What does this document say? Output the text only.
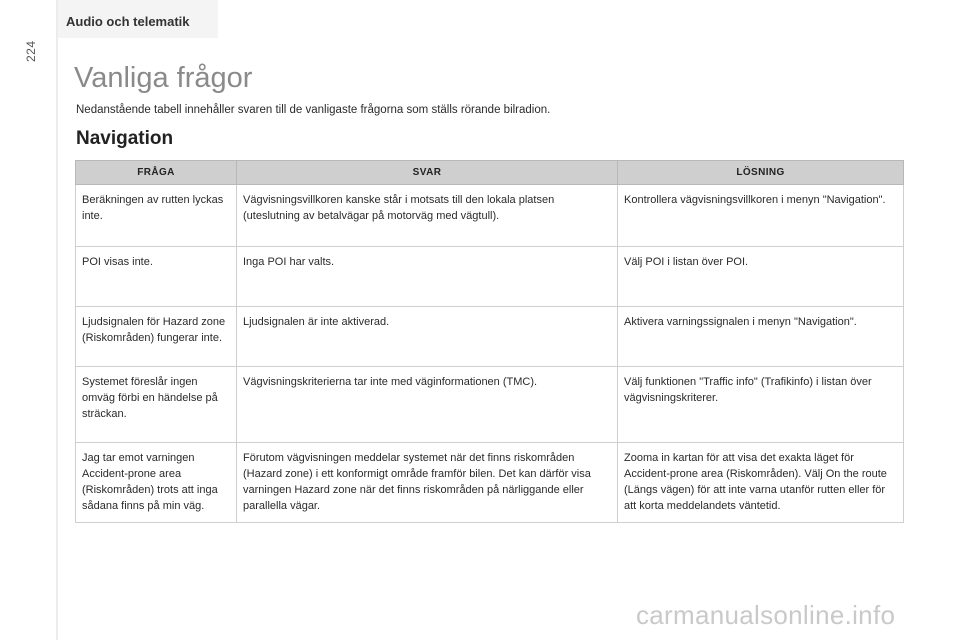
Audio och telematik
224
Vanliga frågor
Nedanstående tabell innehåller svaren till de vanligaste frågorna som ställs rörande bilradion.
Navigation
FRÅGA	SVAR	LÖSNING
Beräkningen av rutten lyckas inte.	Vägvisningsvillkoren kanske står i motsats till den lokala platsen (uteslutning av betalvägar på motorväg med vägtull).	Kontrollera vägvisningsvillkoren i menyn "Navigation".
POI visas inte.	Inga POI har valts.	Välj POI i listan över POI.
Ljudsignalen för Hazard zone (Riskområden) fungerar inte.	Ljudsignalen är inte aktiverad.	Aktivera varningssignalen i menyn "Navigation".
Systemet föreslår ingen omväg förbi en händelse på sträckan.	Vägvisningskriterierna tar inte med väginformationen (TMC).	Välj funktionen "Traffic info" (Trafikinfo) i listan över vägvisningskriterer.
Jag tar emot varningen Accident-prone area (Riskområden) trots att inga sådana finns på min väg.	Förutom vägvisningen meddelar systemet när det finns riskområden (Hazard zone) i ett konformigt område framför bilen. Det kan därför visa varningen Hazard zone när det finns riskområden på närliggande eller parallella vägar.	Zooma in kartan för att visa det exakta läget för Accident-prone area (Riskområden). Välj On the route (Längs vägen) för att inte varna utanför rutten eller för att korta meddelandets väntetid.
carmanualsonline.info
